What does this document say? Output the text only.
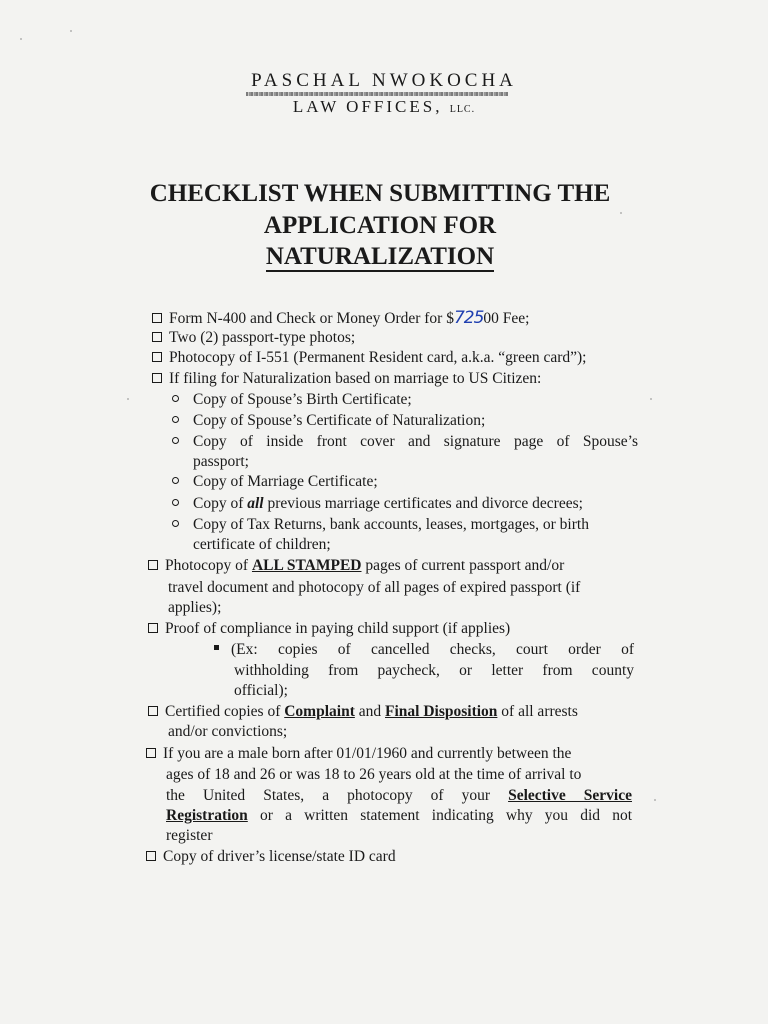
PASCHAL NWOKOCHA
LAW OFFICES, LLC.
CHECKLIST WHEN SUBMITTING THE
APPLICATION FOR
NATURALIZATION
Form N-400 and Check or Money Order for $72500 Fee;
Two (2) passport-type photos;
Photocopy of I-551 (Permanent Resident card, a.k.a. “green card”);
If filing for Naturalization based on marriage to US Citizen:
Copy of Spouse’s Birth Certificate;
Copy of Spouse’s Certificate of Naturalization;
Copy of inside front cover and signature page of Spouse’s
passport;
Copy of Marriage Certificate;
Copy of all previous marriage certificates and divorce decrees;
Copy of Tax Returns, bank accounts, leases, mortgages, or birth
certificate of children;
Photocopy of ALL STAMPED pages of current passport and/or
travel document and photocopy of all pages of expired passport (if
applies);
Proof of compliance in paying child support (if applies)
(Ex: copies of cancelled checks, court order of
withholding from paycheck, or letter from county
official);
Certified copies of Complaint and Final Disposition of all arrests
and/or convictions;
If you are a male born after 01/01/1960 and currently between the
ages of 18 and 26 or was 18 to 26 years old at the time of arrival to
the United States, a photocopy of your Selective Service
Registration or a written statement indicating why you did not
register
Copy of driver’s license/state ID card
